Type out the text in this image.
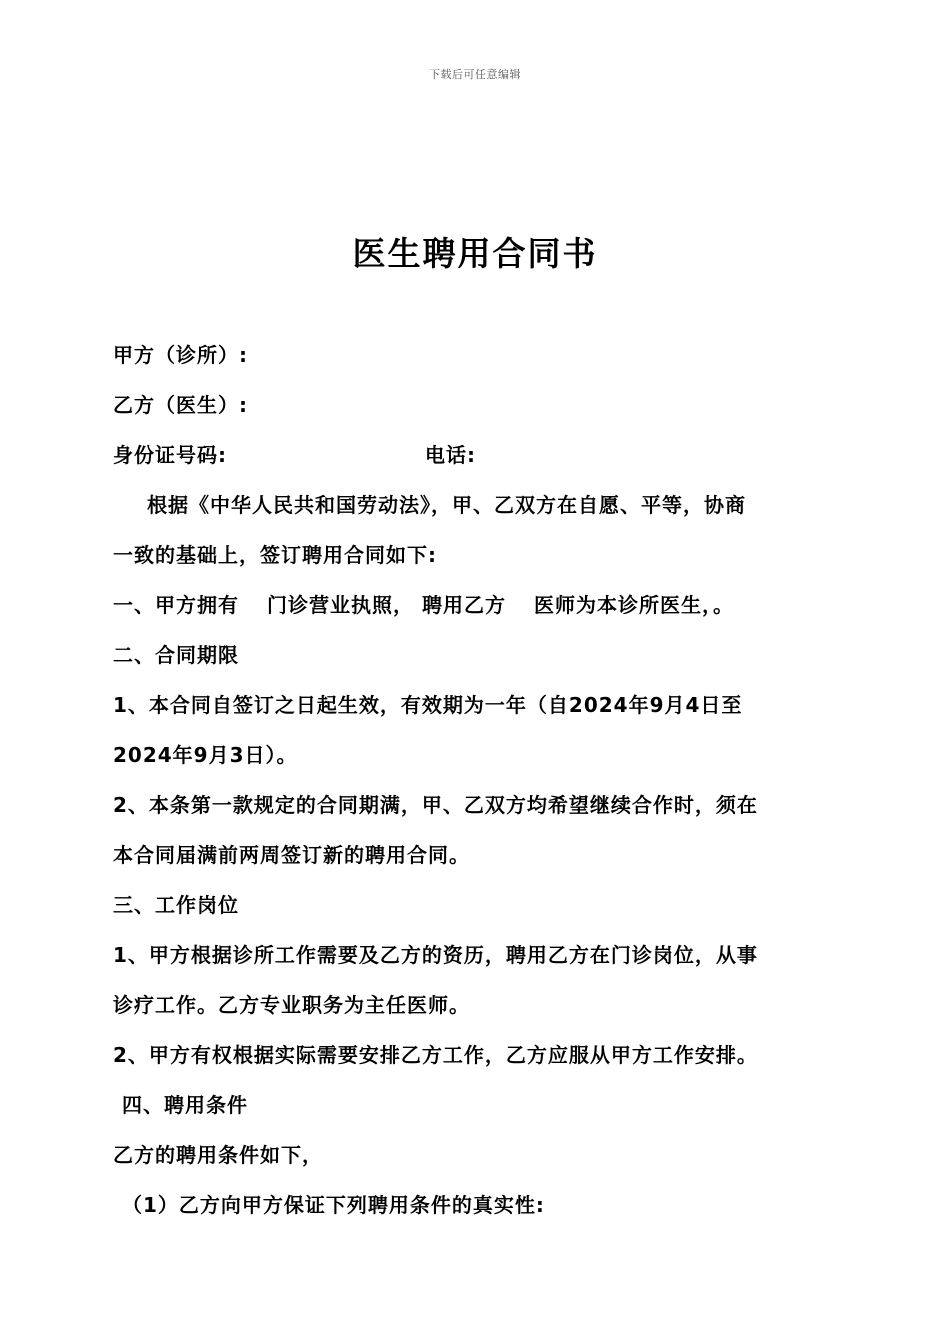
下载后可任意编辑
医生聘用合同书
甲方（诊所）:
乙方（医生）:
身份证号码:	电话:
根据《中华人民共和国劳动法》，甲、乙双方在自愿、平等，协商
一致的基础上，签订聘用合同如下:
一、甲方拥有 门诊营业执照， 聘用乙方 医师为本诊所医生，。
二、合同期限
1、本合同自签订之日起生效，有效期为一年（自2024年9月4日至
2024年9月3日）。
2、本条第一款规定的合同期满，甲、乙双方均希望继续合作时，须在
本合同届满前两周签订新的聘用合同。
三、工作岗位
1、甲方根据诊所工作需要及乙方的资历，聘用乙方在门诊岗位，从事
诊疗工作。乙方专业职务为主任医师。
2、甲方有权根据实际需要安排乙方工作，乙方应服从甲方工作安排。
四、聘用条件
乙方的聘用条件如下，
（1）乙方向甲方保证下列聘用条件的真实性:
